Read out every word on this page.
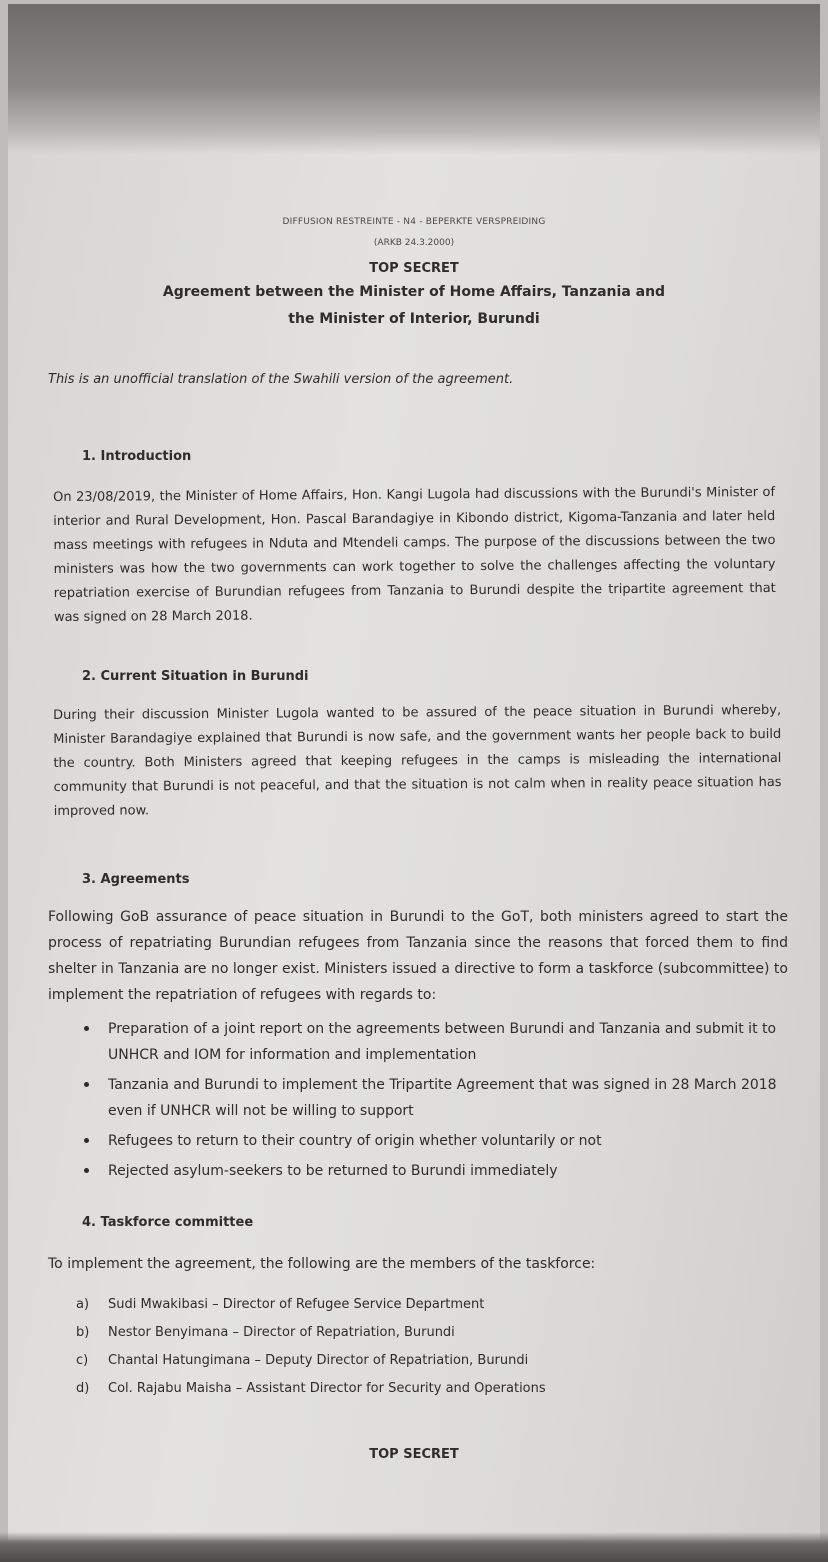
DIFFUSION RESTREINTE - N4 - BEPERKTE VERSPREIDING
(ARKB 24.3.2000)
TOP SECRET
Agreement between the Minister of Home Affairs, Tanzania and
the Minister of Interior, Burundi
This is an unofficial translation of the Swahili version of the agreement.
1. Introduction
On 23/08/2019, the Minister of Home Affairs, Hon. Kangi Lugola had discussions with the Burundi's Minister of interior and Rural Development, Hon. Pascal Barandagiye in Kibondo district, Kigoma-Tanzania and later held mass meetings with refugees in Nduta and Mtendeli camps. The purpose of the discussions between the two ministers was how the two governments can work together to solve the challenges affecting the voluntary repatriation exercise of Burundian refugees from Tanzania to Burundi despite the tripartite agreement that was signed on 28 March 2018.
2. Current Situation in Burundi
During their discussion Minister Lugola wanted to be assured of the peace situation in Burundi whereby, Minister Barandagiye explained that Burundi is now safe, and the government wants her people back to build the country. Both Ministers agreed that keeping refugees in the camps is misleading the international community that Burundi is not peaceful, and that the situation is not calm when in reality peace situation has improved now.
3. Agreements
Following GoB assurance of peace situation in Burundi to the GoT, both ministers agreed to start the process of repatriating Burundian refugees from Tanzania since the reasons that forced them to find shelter in Tanzania are no longer exist. Ministers issued a directive to form a taskforce (subcommittee) to implement the repatriation of refugees with regards to:
Preparation of a joint report on the agreements between Burundi and Tanzania and submit it to UNHCR and IOM for information and implementation
Tanzania and Burundi to implement the Tripartite Agreement that was signed in 28 March 2018 even if UNHCR will not be willing to support
Refugees to return to their country of origin whether voluntarily or not
Rejected asylum-seekers to be returned to Burundi immediately
4. Taskforce committee
To implement the agreement, the following are the members of the taskforce:
a)	Sudi Mwakibasi – Director of Refugee Service Department
b)	Nestor Benyimana – Director of Repatriation, Burundi
c)	Chantal Hatungimana – Deputy Director of Repatriation, Burundi
d)	Col. Rajabu Maisha – Assistant Director for Security and Operations
TOP SECRET
